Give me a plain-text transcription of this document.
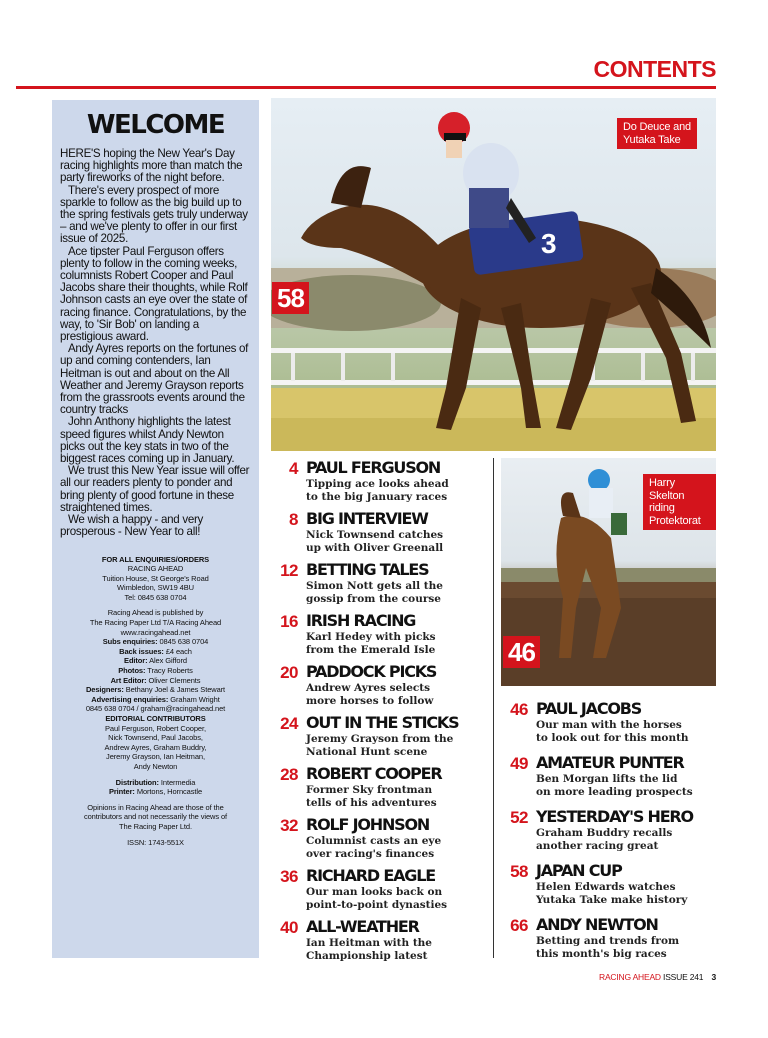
CONTENTS
WELCOME

HERE'S hoping the New Year's Day racing highlights more than match the party fireworks of the night before.

There's every prospect of more sparkle to follow as the big build up to the spring festivals gets truly underway – and we've plenty to offer in our first issue of 2025.

Ace tipster Paul Ferguson offers plenty to follow in the coming weeks, columnists Robert Cooper and Paul Jacobs share their thoughts, while Rolf Johnson casts an eye over the state of racing finance. Congratulations, by the way, to 'Sir Bob' on landing a prestigious award.

Andy Ayres reports on the fortunes of up and coming contenders, Ian Heitman is out and about on the All Weather and Jeremy Grayson reports from the grassroots events around the country tracks

John Anthony highlights the latest speed figures whilst Andy Newton picks out the key stats in two of the biggest races coming up in January.

We trust this New Year issue will offer all our readers plenty to ponder and bring plenty of good fortune in these straightened times.

We wish a happy - and very prosperous - New Year to all!

FOR ALL ENQUIRIES/ORDERS
RACING AHEAD
Tuition House, St George's Road
Wimbledon, SW19 4BU
Tel: 0845 638 0704
Racing Ahead is published by
The Racing Paper Ltd T/A Racing Ahead
www.racingahead.net
Subs enquiries: 0845 638 0704
Back issues: £4 each
Editor: Alex Gifford
Photos: Tracy Roberts
Art Editor: Oliver Clements
Designers: Bethany Joel & James Stewart
Advertising enquiries: Graham Wright
0845 638 0704 / graham@racingahead.net
EDITORIAL CONTRIBUTORS
Paul Ferguson, Robert Cooper,
Nick Townsend, Paul Jacobs,
Andrew Ayres, Graham Buddry,
Jeremy Grayson, Ian Heitman,
Andy Newton
Distribution: Intermedia
Printer: Mortons, Horncastle
Opinions in Racing Ahead are those of the
contributors and not necessarily the views of
The Racing Paper Ltd.
ISSN: 1743-551X
3
Do Deuce and
Yutaka Take
58
Harry
Skelton
riding
Protektorat
46
4 PAUL FERGUSON
Tipping ace looks ahead
to the big January races
8 BIG INTERVIEW
Nick Townsend catches
up with Oliver Greenall
12 BETTING TALES
Simon Nott gets all the
gossip from the course
16 IRISH RACING
Karl Hedey with picks
from the Emerald Isle
20 PADDOCK PICKS
Andrew Ayres selects
more horses to follow
24 OUT IN THE STICKS
Jeremy Grayson from the
National Hunt scene
28 ROBERT COOPER
Former Sky frontman
tells of his adventures
32 ROLF JOHNSON
Columnist casts an eye
over racing's finances
36 RICHARD EAGLE
Our man looks back on
point-to-point dynasties
40 ALL-WEATHER
Ian Heitman with the
Championship latest
46 PAUL JACOBS
Our man with the horses
to look out for this month
49 AMATEUR PUNTER
Ben Morgan lifts the lid
on more leading prospects
52 YESTERDAY'S HERO
Graham Buddry recalls
another racing great
58 JAPAN CUP
Helen Edwards watches
Yutaka Take make history
66 ANDY NEWTON
Betting and trends from
this month's big races
RACING AHEAD ISSUE 241 3
